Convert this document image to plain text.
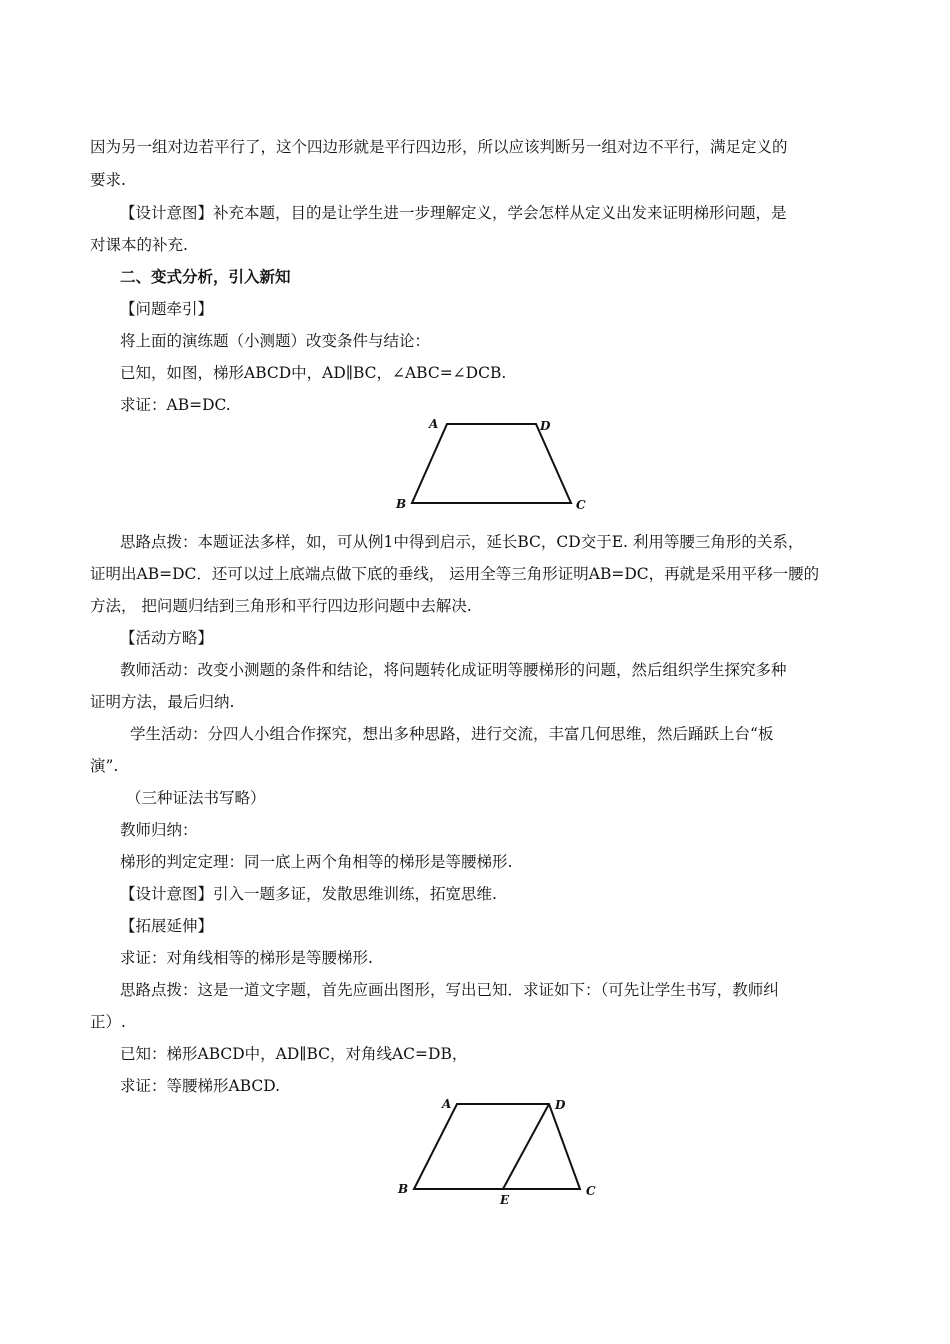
因为另一组对边若平行了，这个四边形就是平行四边形，所以应该判断另一组对边不平行，满足定义的
要求.
【设计意图】补充本题，目的是让学生进一步理解定义，学会怎样从定义出发来证明梯形问题，是
对课本的补充.
二、变式分析，引入新知
【问题牵引】
将上面的演练题（小测题）改变条件与结论：
已知，如图，梯形ABCD中，AD∥BC，∠ABC=∠DCB.
求证：AB=DC.
A	D
B	C
思路点拨：本题证法多样，如，可从例1中得到启示，延长BC，CD交于E. 利用等腰三角形的关系，
证明出AB=DC．还可以过上底端点做下底的垂线， 运用全等三角形证明AB=DC，再就是采用平移一腰的
方法， 把问题归结到三角形和平行四边形问题中去解决.
【活动方略】
教师活动：改变小测题的条件和结论，将问题转化成证明等腰梯形的问题，然后组织学生探究多种
证明方法，最后归纳.
学生活动：分四人小组合作探究，想出多种思路，进行交流，丰富几何思维，然后踊跃上台“板
演”.
（三种证法书写略）
教师归纳：
梯形的判定定理：同一底上两个角相等的梯形是等腰梯形.
【设计意图】引入一题多证，发散思维训练，拓宽思维.
【拓展延伸】
求证：对角线相等的梯形是等腰梯形.
思路点拨：这是一道文字题，首先应画出图形，写出已知．求证如下：（可先让学生书写，教师纠
正）.
已知：梯形ABCD中，AD∥BC，对角线AC=DB，
求证：等腰梯形ABCD.
A	D
B
E
C
